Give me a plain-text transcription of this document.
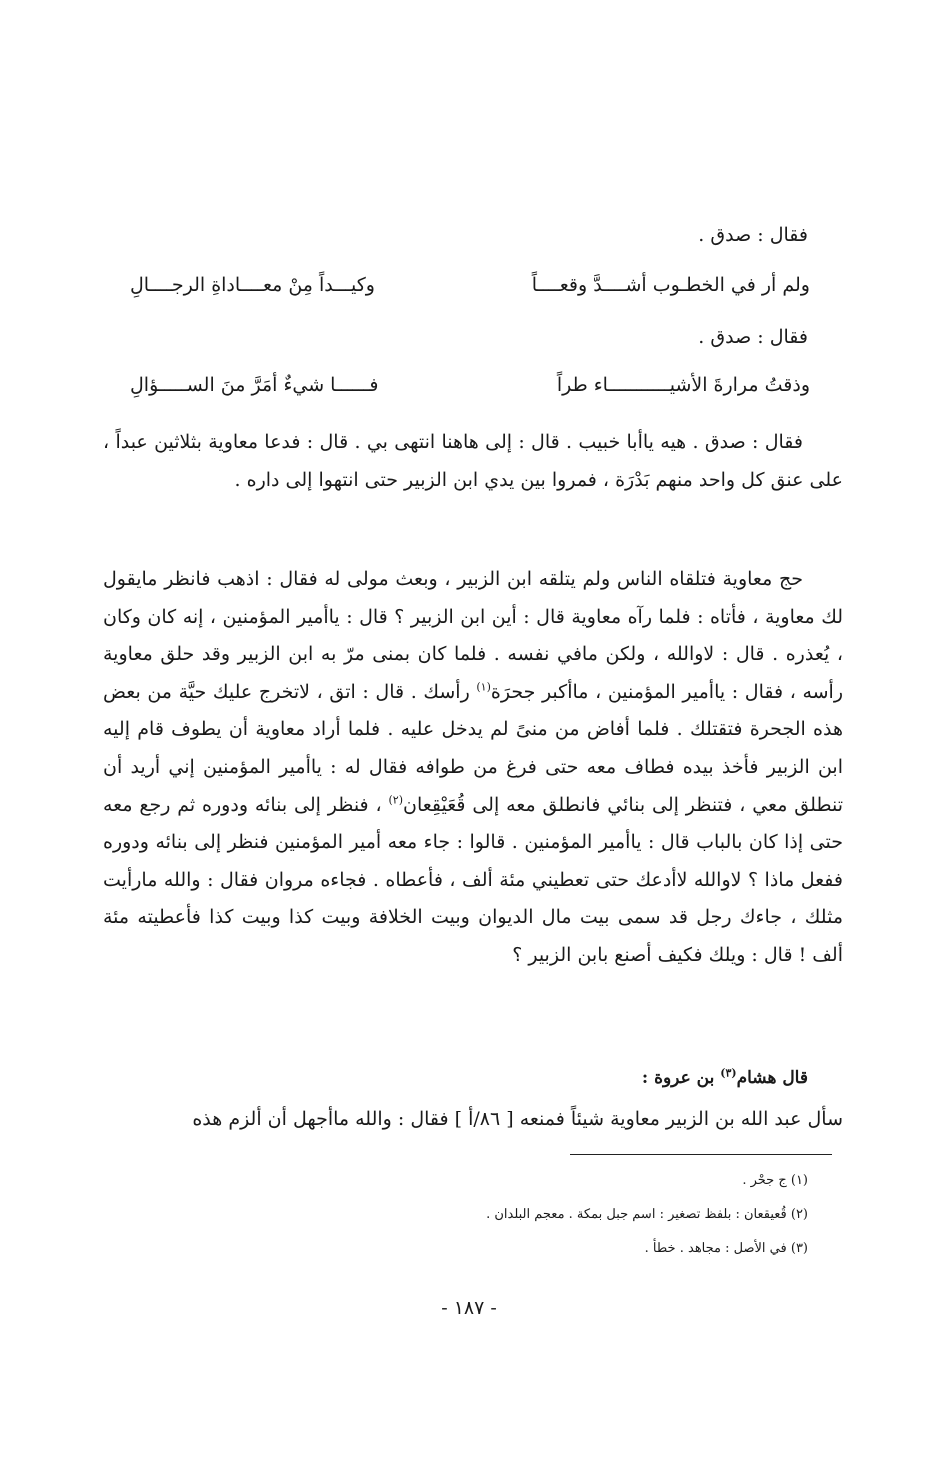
فقال : صدق .
ولم أر في الخطـوب أشــــدَّ وقعــــاً
وكيـــداً مِنْ معــــاداةِ الرجــــالِ
فقال : صدق .
وذقتُ مرارةَ الأشيـــــــــــاء طراً
فــــــا شيءٌ أمَرَّ منَ الســـــؤالِ
فقال : صدق . هيه ياأبا خبيب . قال : إلى هاهنا انتهى بي . قال : فدعا معاوية بثلاثين عبداً ، على عنق كل واحد منهم بَدْرَة ، فمروا بين يدي ابن الزبير حتى انتهوا إلى داره .
حج معاوية فتلقاه الناس ولم يتلقه ابن الزبير ، وبعث مولى له فقال : اذهب فانظر مايقول لك معاوية ، فأتاه : فلما رآه معاوية قال : أين ابن الزبير ؟ قال : ياأمير المؤمنين ، إنه كان وكان ، يُعذره . قال : لاوالله ، ولكن مافي نفسه . فلما كان بمنى مرّ به ابن الزبير وقد حلق معاوية رأسه ، فقال : ياأمير المؤمنين ، ماأكبر جحرَة$^{(١)}$ رأسك . قال : اتق ، لاتخرج عليك حيَّة من بعض هذه الجحرة فتقتلك . فلما أفاض من منىً لم يدخل عليه . فلما أراد معاوية أن يطوف قام إليه ابن الزبير فأخذ بيده فطاف معه حتى فرغ من طوافه فقال له : ياأمير المؤمنين إني أريد أن تنطلق معي ، فتنظر إلى بنائي فانطلق معه إلى قُعَيْقِعان$^{(٢)}$ ، فنظر إلى بنائه ودوره ثم رجع معه حتى إذا كان بالباب قال : ياأمير المؤمنين . قالوا : جاء معه أمير المؤمنين فنظر إلى بنائه ودوره ففعل ماذا ؟ لاوالله لاأدعك حتى تعطيني مئة ألف ، فأعطاه . فجاءه مروان فقال : والله مارأيت مثلك ، جاءك رجل قد سمى بيت مال الديوان وبيت الخلافة وبيت كذا وبيت كذا فأعطيته مئة ألف ! قال : ويلك فكيف أصنع بابن الزبير ؟
قال هشام$^{(٣)}$ بن عروة :
سأل عبد الله بن الزبير معاوية شيئاً فمنعه [ ٨٦/أ ] فقال : والله ماأجهل أن ألزم هذه
(١) ج جحْر .
(٢) قُعيقعان : بلفظ تصغير : اسم جبل بمكة . معجم البلدان .
(٣) في الأصل : مجاهد . خطأ .
- ١٨٧ -
